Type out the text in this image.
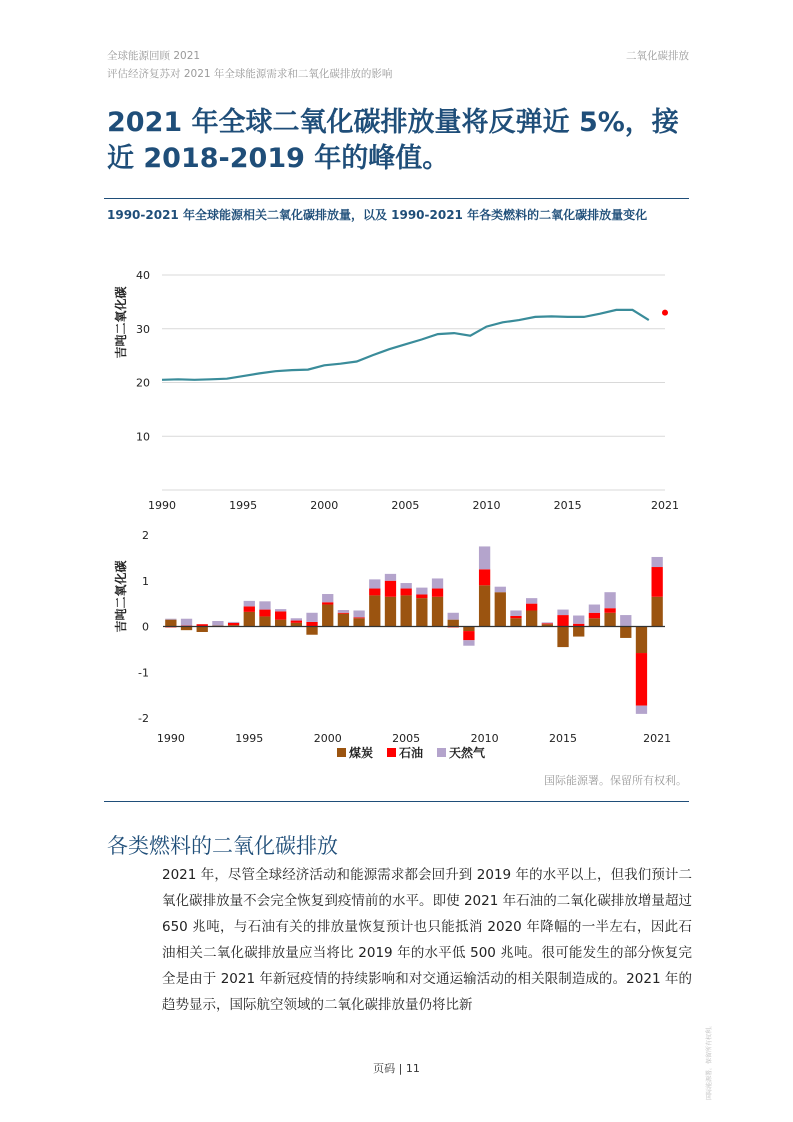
全球能源回顾 2021
评估经济复苏对 2021 年全球能源需求和二氧化碳排放的影响
二氧化碳排放
2021 年全球二氧化碳排放量将反弹近 5%，接近 2018-2019 年的峰值。
1990-2021 年全球能源相关二氧化碳排放量，以及 1990-2021 年各类燃料的二氧化碳排放量变化
40
30
20
10
1990	1995	2000	2005	2010	2015	2021
吉吨二氧化碳
2
1
0
-1
-2
1990	1995	2000	2005	2010	2015	2021
吉吨二氧化碳
煤炭 石油 天然气
国际能源署。保留所有权利。
各类燃料的二氧化碳排放

2021 年，尽管全球经济活动和能源需求都会回升到 2019 年的水平以上，但我们预计二氧化碳排放量不会完全恢复到疫情前的水平。即使 2021 年石油的二氧化碳排放增量超过 650 兆吨，与石油有关的排放量恢复预计也只能抵消 2020 年降幅的一半左右，因此石油相关二氧化碳排放量应当将比 2019 年的水平低 500 兆吨。很可能发生的部分恢复完全是由于 2021 年新冠疫情的持续影响和对交通运输活动的相关限制造成的。2021 年的趋势显示，国际航空领域的二氧化碳排放量仍将比新

页码 | 11	国际能源署。保留所有权利。
